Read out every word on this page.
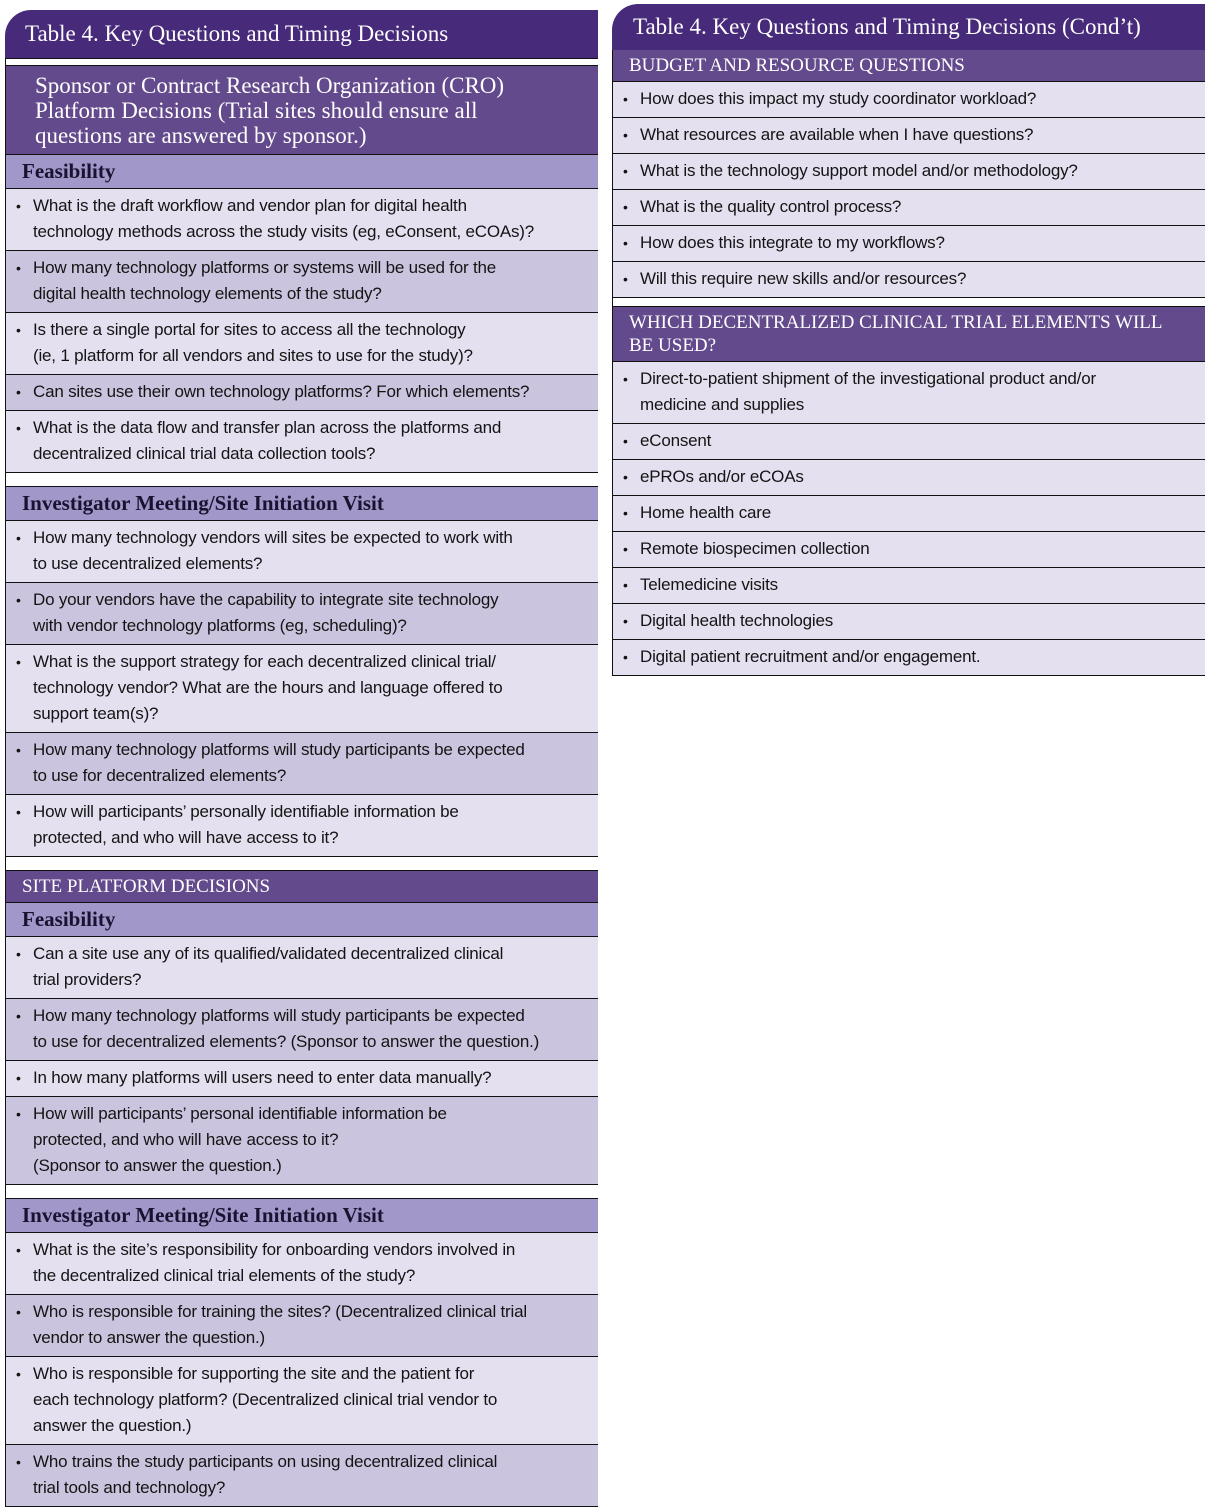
Table 4. Key Questions and Timing Decisions
Sponsor or Contract Research Organization (CRO)
Platform Decisions (Trial sites should ensure all
questions are answered by sponsor.)
Feasibility
• What is the draft workflow and vendor plan for digital health
technology methods across the study visits (eg, eConsent, eCOAs)?
• How many technology platforms or systems will be used for the
digital health technology elements of the study?
• Is there a single portal for sites to access all the technology
(ie, 1 platform for all vendors and sites to use for the study)?
• Can sites use their own technology platforms? For which elements?
• What is the data flow and transfer plan across the platforms and
decentralized clinical trial data collection tools?
Investigator Meeting/Site Initiation Visit
• How many technology vendors will sites be expected to work with
to use decentralized elements?
• Do your vendors have the capability to integrate site technology
with vendor technology platforms (eg, scheduling)?
• What is the support strategy for each decentralized clinical trial/
technology vendor? What are the hours and language offered to
support team(s)?
• How many technology platforms will study participants be expected
to use for decentralized elements?
• How will participants’ personally identifiable information be
protected, and who will have access to it?
SITE PLATFORM DECISIONS
Feasibility
• Can a site use any of its qualified/validated decentralized clinical
trial providers?
• How many technology platforms will study participants be expected
to use for decentralized elements? (Sponsor to answer the question.)
• In how many platforms will users need to enter data manually?
• How will participants’ personal identifiable information be
protected, and who will have access to it?
(Sponsor to answer the question.)
Investigator Meeting/Site Initiation Visit
• What is the site’s responsibility for onboarding vendors involved in
the decentralized clinical trial elements of the study?
• Who is responsible for training the sites? (Decentralized clinical trial
vendor to answer the question.)
• Who is responsible for supporting the site and the patient for
each technology platform? (Decentralized clinical trial vendor to
answer the question.)
• Who trains the study participants on using decentralized clinical
trial tools and technology?
Table 4. Key Questions and Timing Decisions (Cond’t)
BUDGET AND RESOURCE QUESTIONS
• How does this impact my study coordinator workload?
• What resources are available when I have questions?
• What is the technology support model and/or methodology?
• What is the quality control process?
• How does this integrate to my workflows?
• Will this require new skills and/or resources?
WHICH DECENTRALIZED CLINICAL TRIAL ELEMENTS WILL
BE USED?
• Direct-to-patient shipment of the investigational product and/or
medicine and supplies
• eConsent
• ePROs and/or eCOAs
• Home health care
• Remote biospecimen collection
• Telemedicine visits
• Digital health technologies
• Digital patient recruitment and/or engagement.
